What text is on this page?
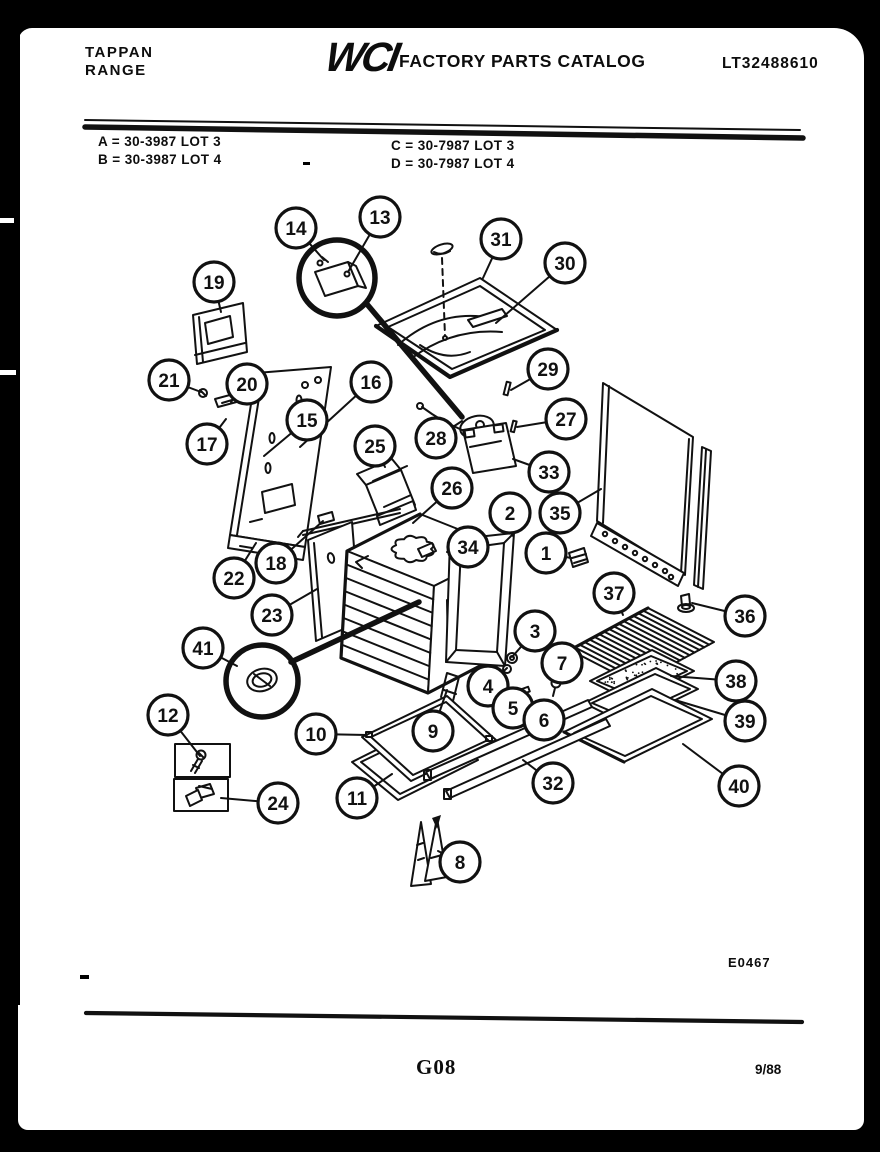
TAPPAN
RANGE	WCI
FACTORY PARTS CATALOG	LT32488610
A = 30-3987 LOT 3
B = 30-3987 LOT 4
C = 30-7987 LOT 3
D = 30-7987 LOT 4
E0467
G08	9/88
1
2
3
4
5
6
7
8
9
10
11
12
13
14
15
16
17
18
19
20
21
22
23
24
25
26
27
28
29
30
31
32
33
34
35
36
37
38
39
40
41
